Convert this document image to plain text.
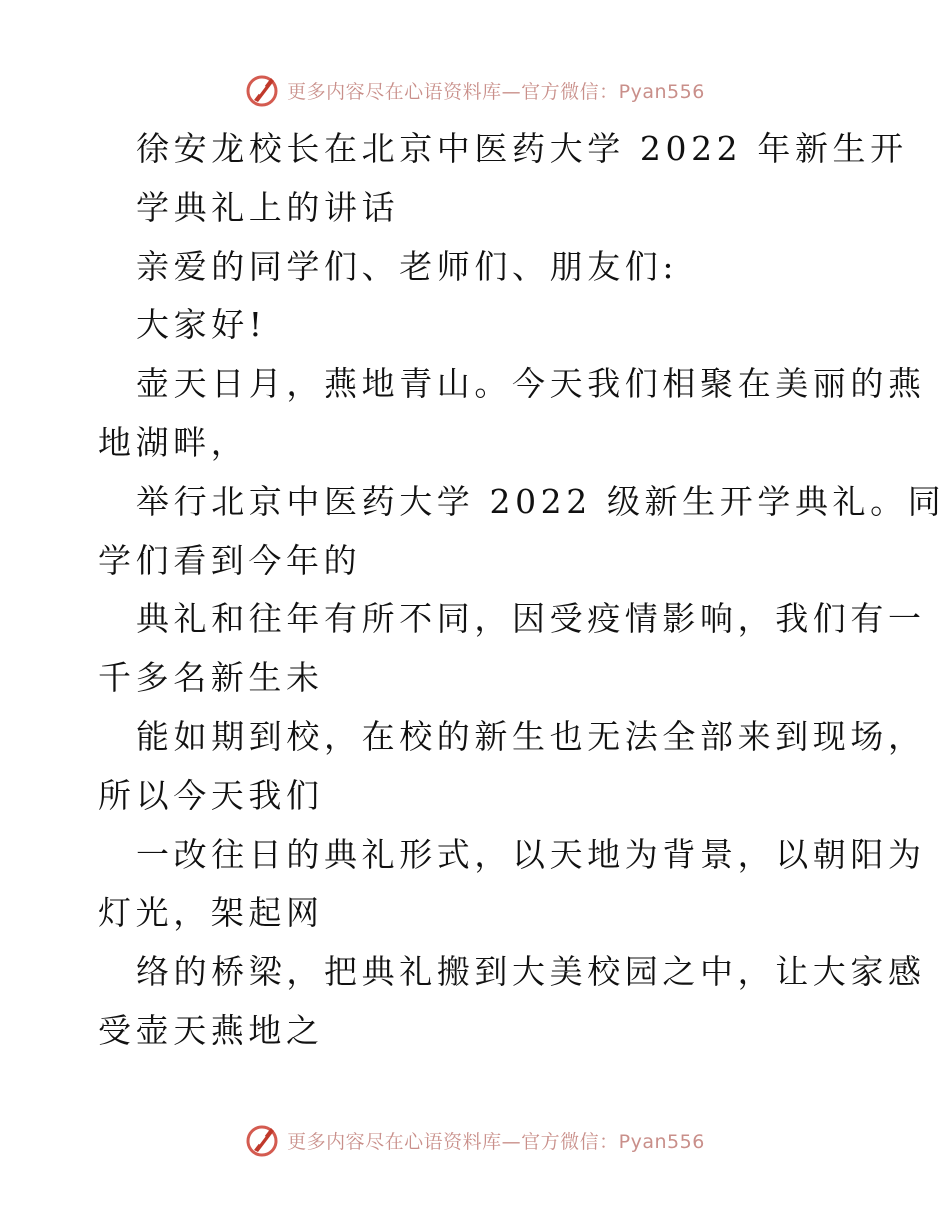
更多内容尽在心语资料库—官方微信：Pyan556
徐安龙校长在北京中医药大学 2022 年新生开
学典礼上的讲话
亲爱的同学们、老师们、朋友们:
大家好!
壶天日月，燕地青山。今天我们相聚在美丽的燕
地湖畔，
举行北京中医药大学 2022 级新生开学典礼。同
学们看到今年的
典礼和往年有所不同，因受疫情影响，我们有一
千多名新生未
能如期到校，在校的新生也无法全部来到现场，
所以今天我们
一改往日的典礼形式，以天地为背景，以朝阳为
灯光，架起网
络的桥梁，把典礼搬到大美校园之中，让大家感
受壶天燕地之
更多内容尽在心语资料库—官方微信：Pyan556
